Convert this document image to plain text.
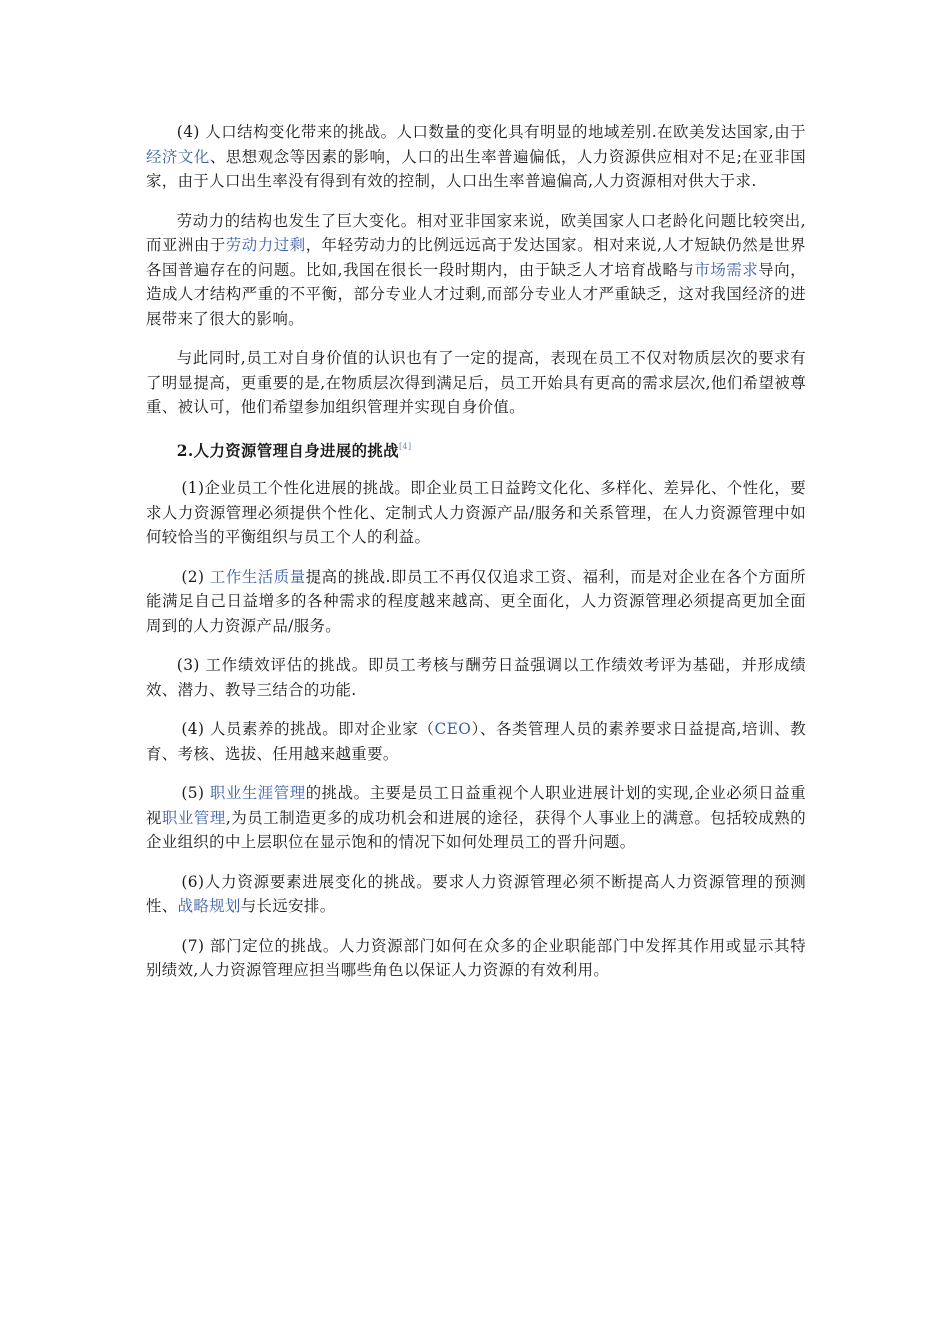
(4) 人口结构变化带来的挑战。人口数量的变化具有明显的地域差别.在欧美发达国家,由于经济文化、思想观念等因素的影响，人口的出生率普遍偏低，人力资源供应相对不足;在亚非国家，由于人口出生率没有得到有效的控制，人口出生率普遍偏高,人力资源相对供大于求.

劳动力的结构也发生了巨大变化。相对亚非国家来说，欧美国家人口老龄化问题比较突出,而亚洲由于劳动力过剩，年轻劳动力的比例远远高于发达国家。相对来说,人才短缺仍然是世界各国普遍存在的问题。比如,我国在很长一段时期内，由于缺乏人才培育战略与市场需求导向，造成人才结构严重的不平衡，部分专业人才过剩,而部分专业人才严重缺乏，这对我国经济的进展带来了很大的影响。

与此同时,员工对自身价值的认识也有了一定的提高，表现在员工不仅对物质层次的要求有了明显提高，更重要的是,在物质层次得到满足后，员工开始具有更高的需求层次,他们希望被尊重、被认可，他们希望参加组织管理并实现自身价值。

2.人力资源管理自身进展的挑战[4]

(1)企业员工个性化进展的挑战。即企业员工日益跨文化化、多样化、差异化、个性化，要求人力资源管理必须提供个性化、定制式人力资源产品/服务和关系管理，在人力资源管理中如何较恰当的平衡组织与员工个人的利益。

(2) 工作生活质量提高的挑战.即员工不再仅仅追求工资、福利，而是对企业在各个方面所能满足自己日益增多的各种需求的程度越来越高、更全面化，人力资源管理必须提高更加全面周到的人力资源产品/服务。

(3) 工作绩效评估的挑战。即员工考核与酬劳日益强调以工作绩效考评为基础，并形成绩效、潜力、教导三结合的功能.

(4) 人员素养的挑战。即对企业家（CEO）、各类管理人员的素养要求日益提高,培训、教育、考核、选拔、任用越来越重要。

(5) 职业生涯管理的挑战。主要是员工日益重视个人职业进展计划的实现,企业必须日益重视职业管理,为员工制造更多的成功机会和进展的途径，获得个人事业上的满意。包括较成熟的企业组织的中上层职位在显示饱和的情况下如何处理员工的晋升问题。

(6)人力资源要素进展变化的挑战。要求人力资源管理必须不断提高人力资源管理的预测性、战略规划与长远安排。

(7) 部门定位的挑战。人力资源部门如何在众多的企业职能部门中发挥其作用或显示其特别绩效,人力资源管理应担当哪些角色以保证人力资源的有效利用。
